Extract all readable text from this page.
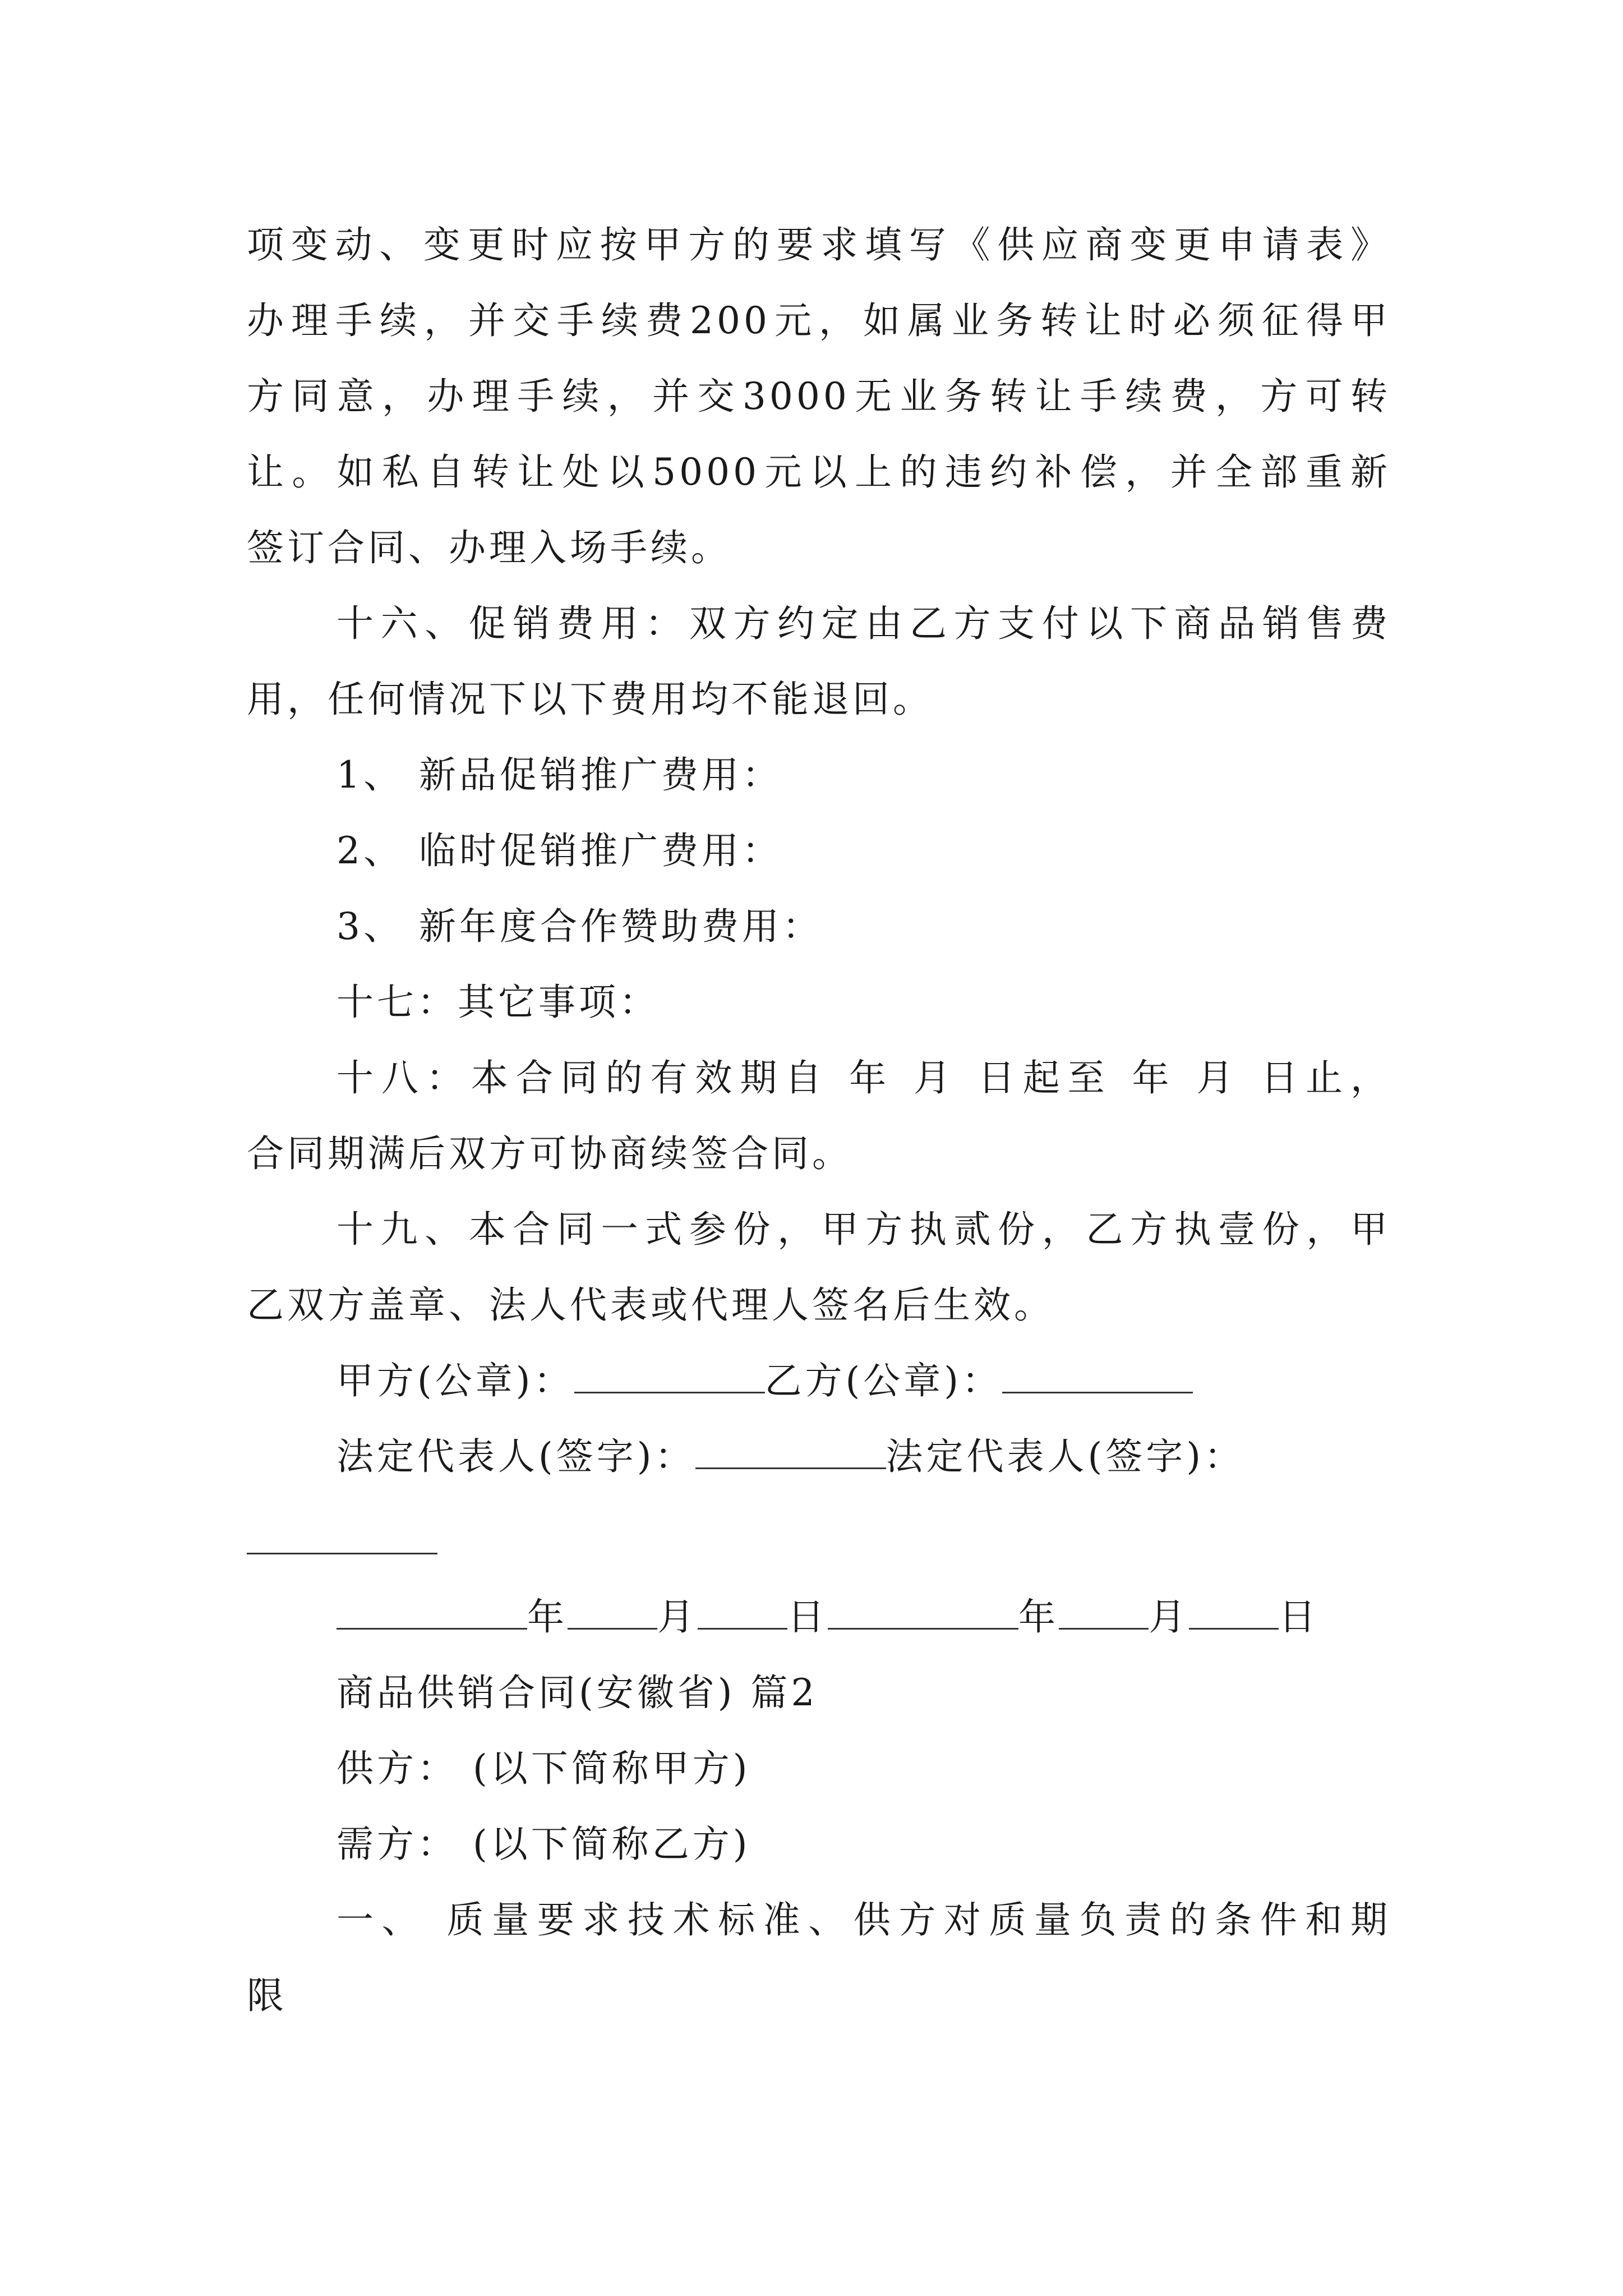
项变动、变更时应按甲方的要求填写《供应商变更申请表》
办理手续，并交手续费200元，如属业务转让时必须征得甲
方同意，办理手续，并交3000无业务转让手续费，方可转
让。如私自转让处以5000元以上的违约补偿，并全部重新
签订合同、办理入场手续。
十六、促销费用：双方约定由乙方支付以下商品销售费
用，任何情况下以下费用均不能退回。
1、 新品促销推广费用：
2、 临时促销推广费用：
3、 新年度合作赞助费用：
十七：其它事项：
十八：本合同的有效期自 年 月 日起至 年 月 日止，
合同期满后双方可协商续签合同。
十九、本合同一式参份，甲方执贰份，乙方执壹份，甲
乙双方盖章、法人代表或代理人签名后生效。
甲方(公章)：	乙方(公章)：
法定代表人(签字)：	法定代表人(签字)：
年 月 日	年 月 日
商品供销合同(安徽省) 篇2
供方： (以下简称甲方)
需方： (以下简称乙方)
一、 质量要求技术标准、供方对质量负责的条件和期
限
